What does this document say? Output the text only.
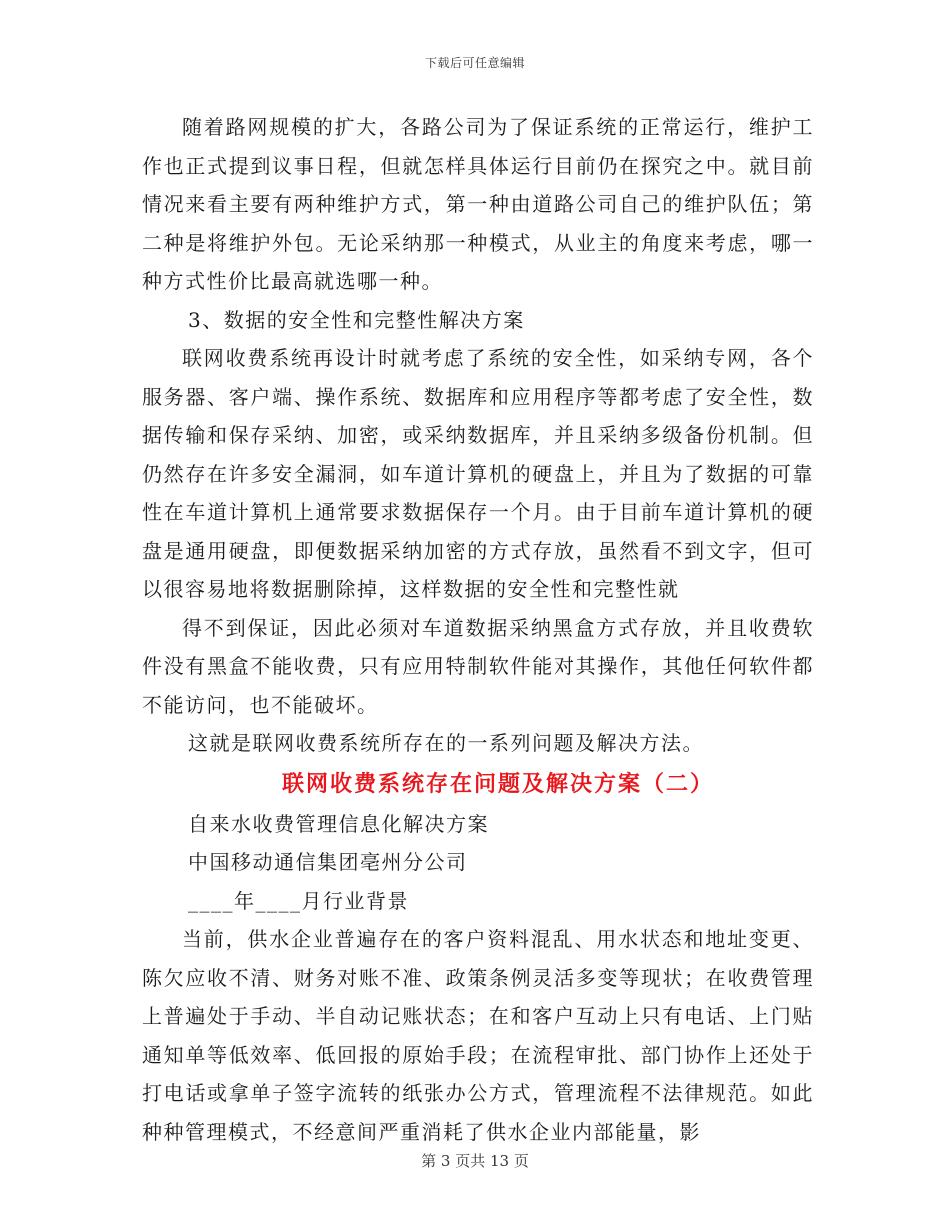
下载后可任意编辑

随着路网规模的扩大，各路公司为了保证系统的正常运行，维护工作也正式提到议事日程，但就怎样具体运行目前仍在探究之中。就目前情况来看主要有两种维护方式，第一种由道路公司自己的维护队伍；第二种是将维护外包。无论采纳那一种模式，从业主的角度来考虑，哪一种方式性价比最高就选哪一种。

3、数据的安全性和完整性解决方案

联网收费系统再设计时就考虑了系统的安全性，如采纳专网，各个服务器、客户端、操作系统、数据库和应用程序等都考虑了安全性，数据传输和保存采纳、加密，或采纳数据库，并且采纳多级备份机制。但仍然存在许多安全漏洞，如车道计算机的硬盘上，并且为了数据的可靠性在车道计算机上通常要求数据保存一个月。由于目前车道计算机的硬盘是通用硬盘，即便数据采纳加密的方式存放，虽然看不到文字，但可以很容易地将数据删除掉，这样数据的安全性和完整性就

得不到保证，因此必须对车道数据采纳黑盒方式存放，并且收费软件没有黑盒不能收费，只有应用特制软件能对其操作，其他任何软件都不能访问，也不能破坏。

这就是联网收费系统所存在的一系列问题及解决方法。

联网收费系统存在问题及解决方案（二）

自来水收费管理信息化解决方案

中国移动通信集团亳州分公司

____年____月行业背景

当前，供水企业普遍存在的客户资料混乱、用水状态和地址变更、陈欠应收不清、财务对账不准、政策条例灵活多变等现状；在收费管理上普遍处于手动、半自动记账状态；在和客户互动上只有电话、上门贴通知单等低效率、低回报的原始手段；在流程审批、部门协作上还处于打电话或拿单子签字流转的纸张办公方式，管理流程不法律规范。如此种种管理模式，不经意间严重消耗了供水企业内部能量，影

第 3 页共 13 页
